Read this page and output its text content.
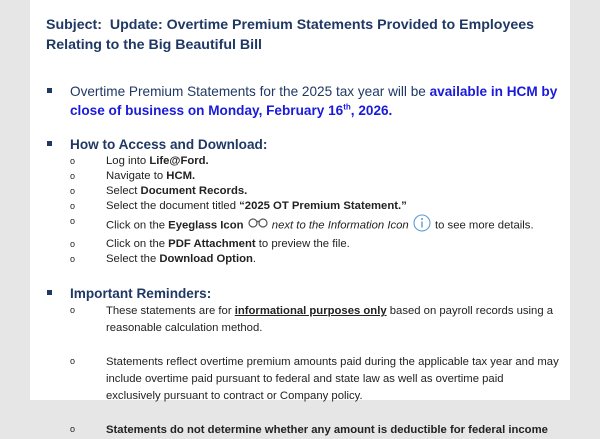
Subject: Update: Overtime Premium Statements Provided to Employees Relating to the Big Beautiful Bill
Overtime Premium Statements for the 2025 tax year will be available in HCM by close of business on Monday, February 16th, 2026.
How to Access and Download:
o	Log into Life@Ford.
o	Navigate to HCM.
o	Select Document Records.
o	Select the document titled “2025 OT Premium Statement.”
o	Click on the Eyeglass Icon  next to the Information Icon  to see more details.
o	Click on the PDF Attachment to preview the file.
o	Select the Download Option.
Important Reminders:
o	These statements are for informational purposes only based on payroll records using a reasonable calculation method.
o	Statements reflect overtime premium amounts paid during the applicable tax year and may include overtime paid pursuant to federal and state law as well as overtime paid exclusively pursuant to contract or Company policy.
o	Statements do not determine whether any amount is deductible for federal income
